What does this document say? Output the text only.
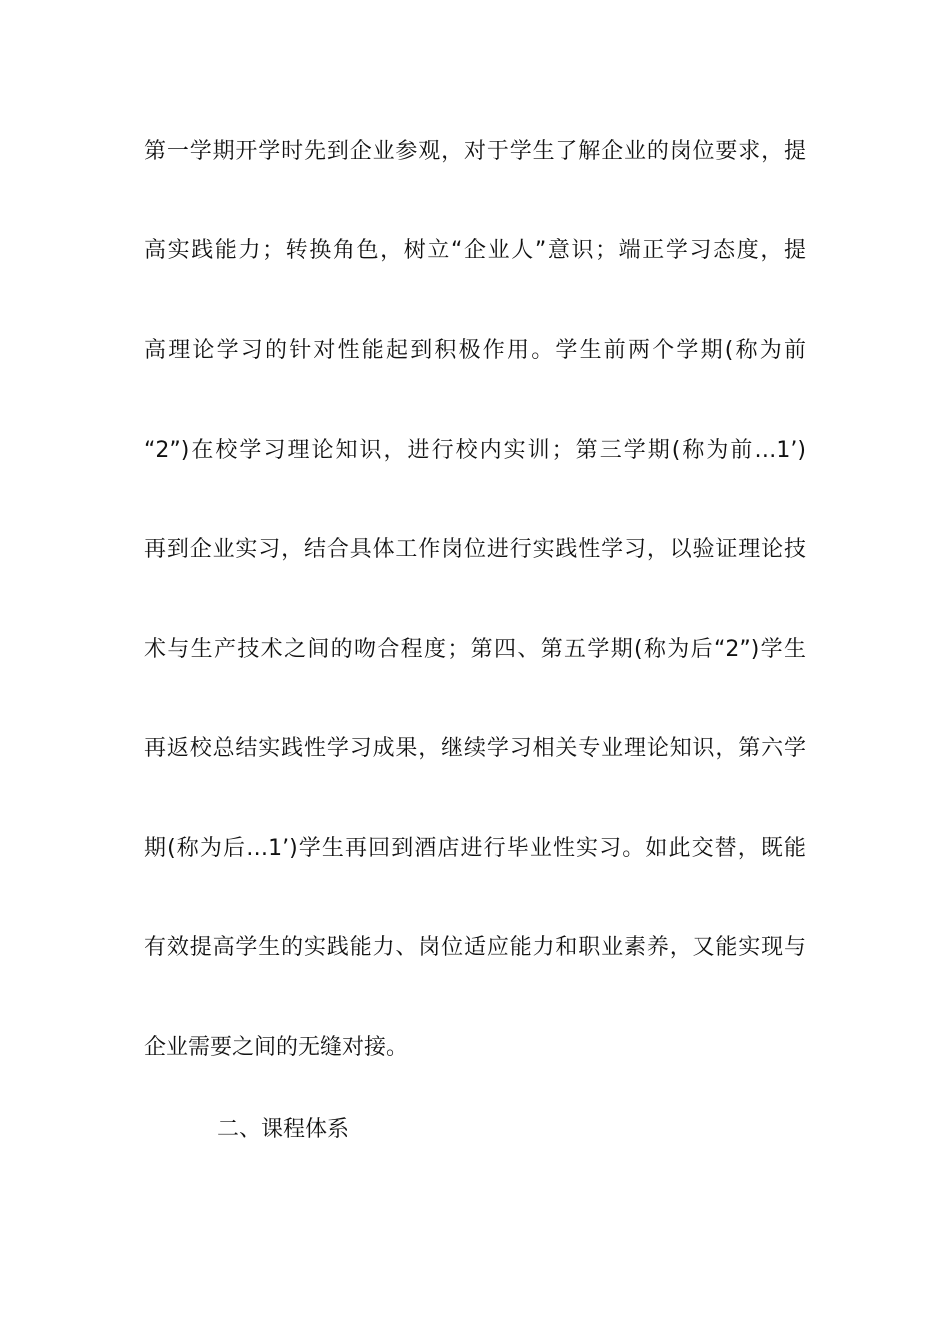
第一学期开学时先到企业参观，对于学生了解企业的岗位要求，提
高实践能力；转换角色，树立“企业人”意识；端正学习态度，提
高理论学习的针对性能起到积极作用。学生前两个学期(称为前
“2”)在校学习理论知识，进行校内实训；第三学期(称为前…1’)
再到企业实习，结合具体工作岗位进行实践性学习，以验证理论技
术与生产技术之间的吻合程度；第四、第五学期(称为后“2”)学生
再返校总结实践性学习成果，继续学习相关专业理论知识，第六学
期(称为后…1’)学生再回到酒店进行毕业性实习。如此交替，既能
有效提高学生的实践能力、岗位适应能力和职业素养，又能实现与
企业需要之间的无缝对接。
二、课程体系
